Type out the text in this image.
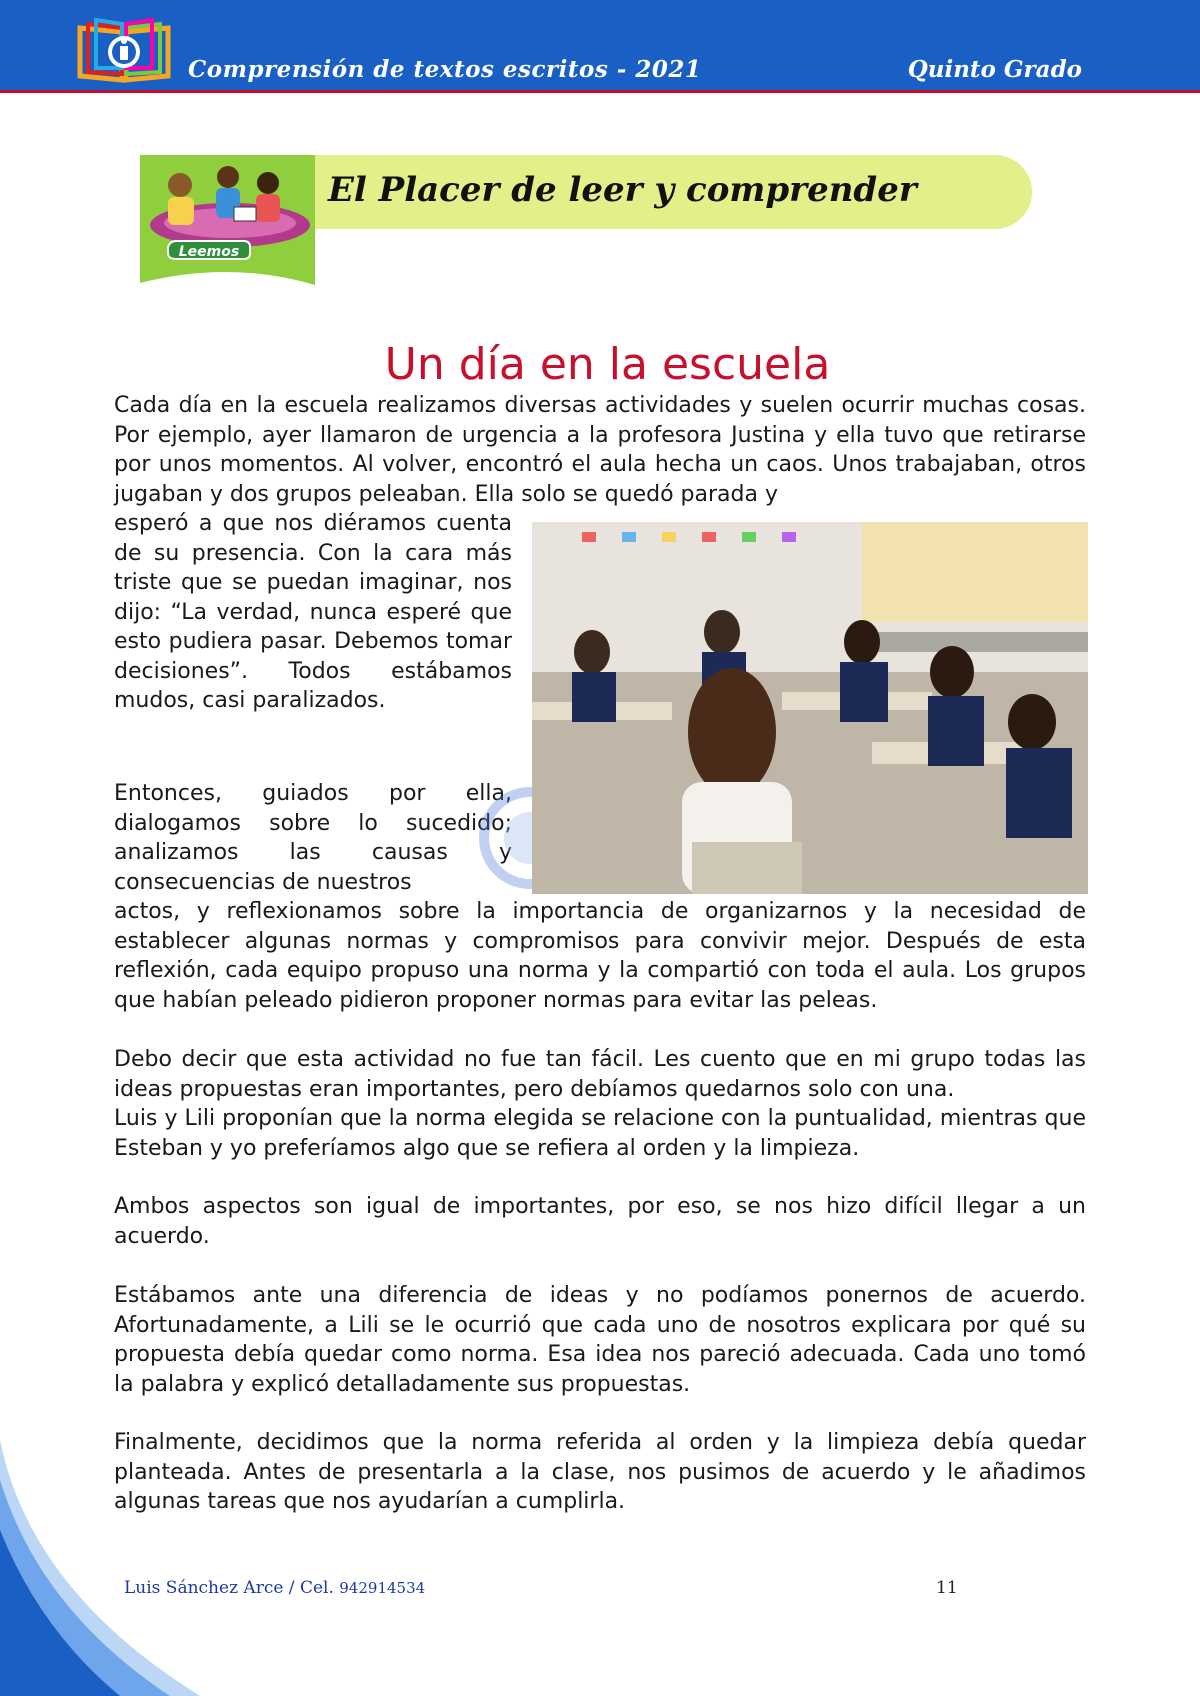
Comprensión de textos escritos - 2021	Quinto Grado
Leemos
El Placer de leer y comprender
Un día en la escuela

Cada día en la escuela realizamos diversas actividades y suelen ocurrir muchas cosas. Por ejemplo, ayer llamaron de urgencia a la profesora Justina y ella tuvo que retirarse por unos momentos. Al volver, encontró el aula hecha un caos. Unos trabajaban, otros jugaban y dos grupos peleaban. Ella solo se quedó parada y

esperó a que nos diéramos cuenta de su presencia. Con la cara más triste que se puedan imaginar, nos dijo: “La verdad, nunca esperé que esto pudiera pasar. Debemos tomar decisiones”. Todos estábamos mudos, casi paralizados.

Entonces, guiados por ella, dialogamos sobre lo sucedido; analizamos las causas y consecuencias de nuestros

actos, y reflexionamos sobre la importancia de organizarnos y la necesidad de establecer algunas normas y compromisos para convivir mejor. Después de esta reflexión, cada equipo propuso una norma y la compartió con toda el aula. Los grupos que habían peleado pidieron proponer normas para evitar las peleas.

Debo decir que esta actividad no fue tan fácil. Les cuento que en mi grupo todas las ideas propuestas eran importantes, pero debíamos quedarnos solo con una.

Luis y Lili proponían que la norma elegida se relacione con la puntualidad, mientras que Esteban y yo preferíamos algo que se refiera al orden y la limpieza.

Ambos aspectos son igual de importantes, por eso, se nos hizo difícil llegar a un acuerdo.

Estábamos ante una diferencia de ideas y no podíamos ponernos de acuerdo. Afortunadamente, a Lili se le ocurrió que cada uno de nosotros explicara por qué su propuesta debía quedar como norma. Esa idea nos pareció adecuada. Cada uno tomó la palabra y explicó detalladamente sus propuestas.

Finalmente, decidimos que la norma referida al orden y la limpieza debía quedar planteada. Antes de presentarla a la clase, nos pusimos de acuerdo y le añadimos algunas tareas que nos ayudarían a cumplirla.

Luis Sánchez Arce / Cel. 942914534	11
